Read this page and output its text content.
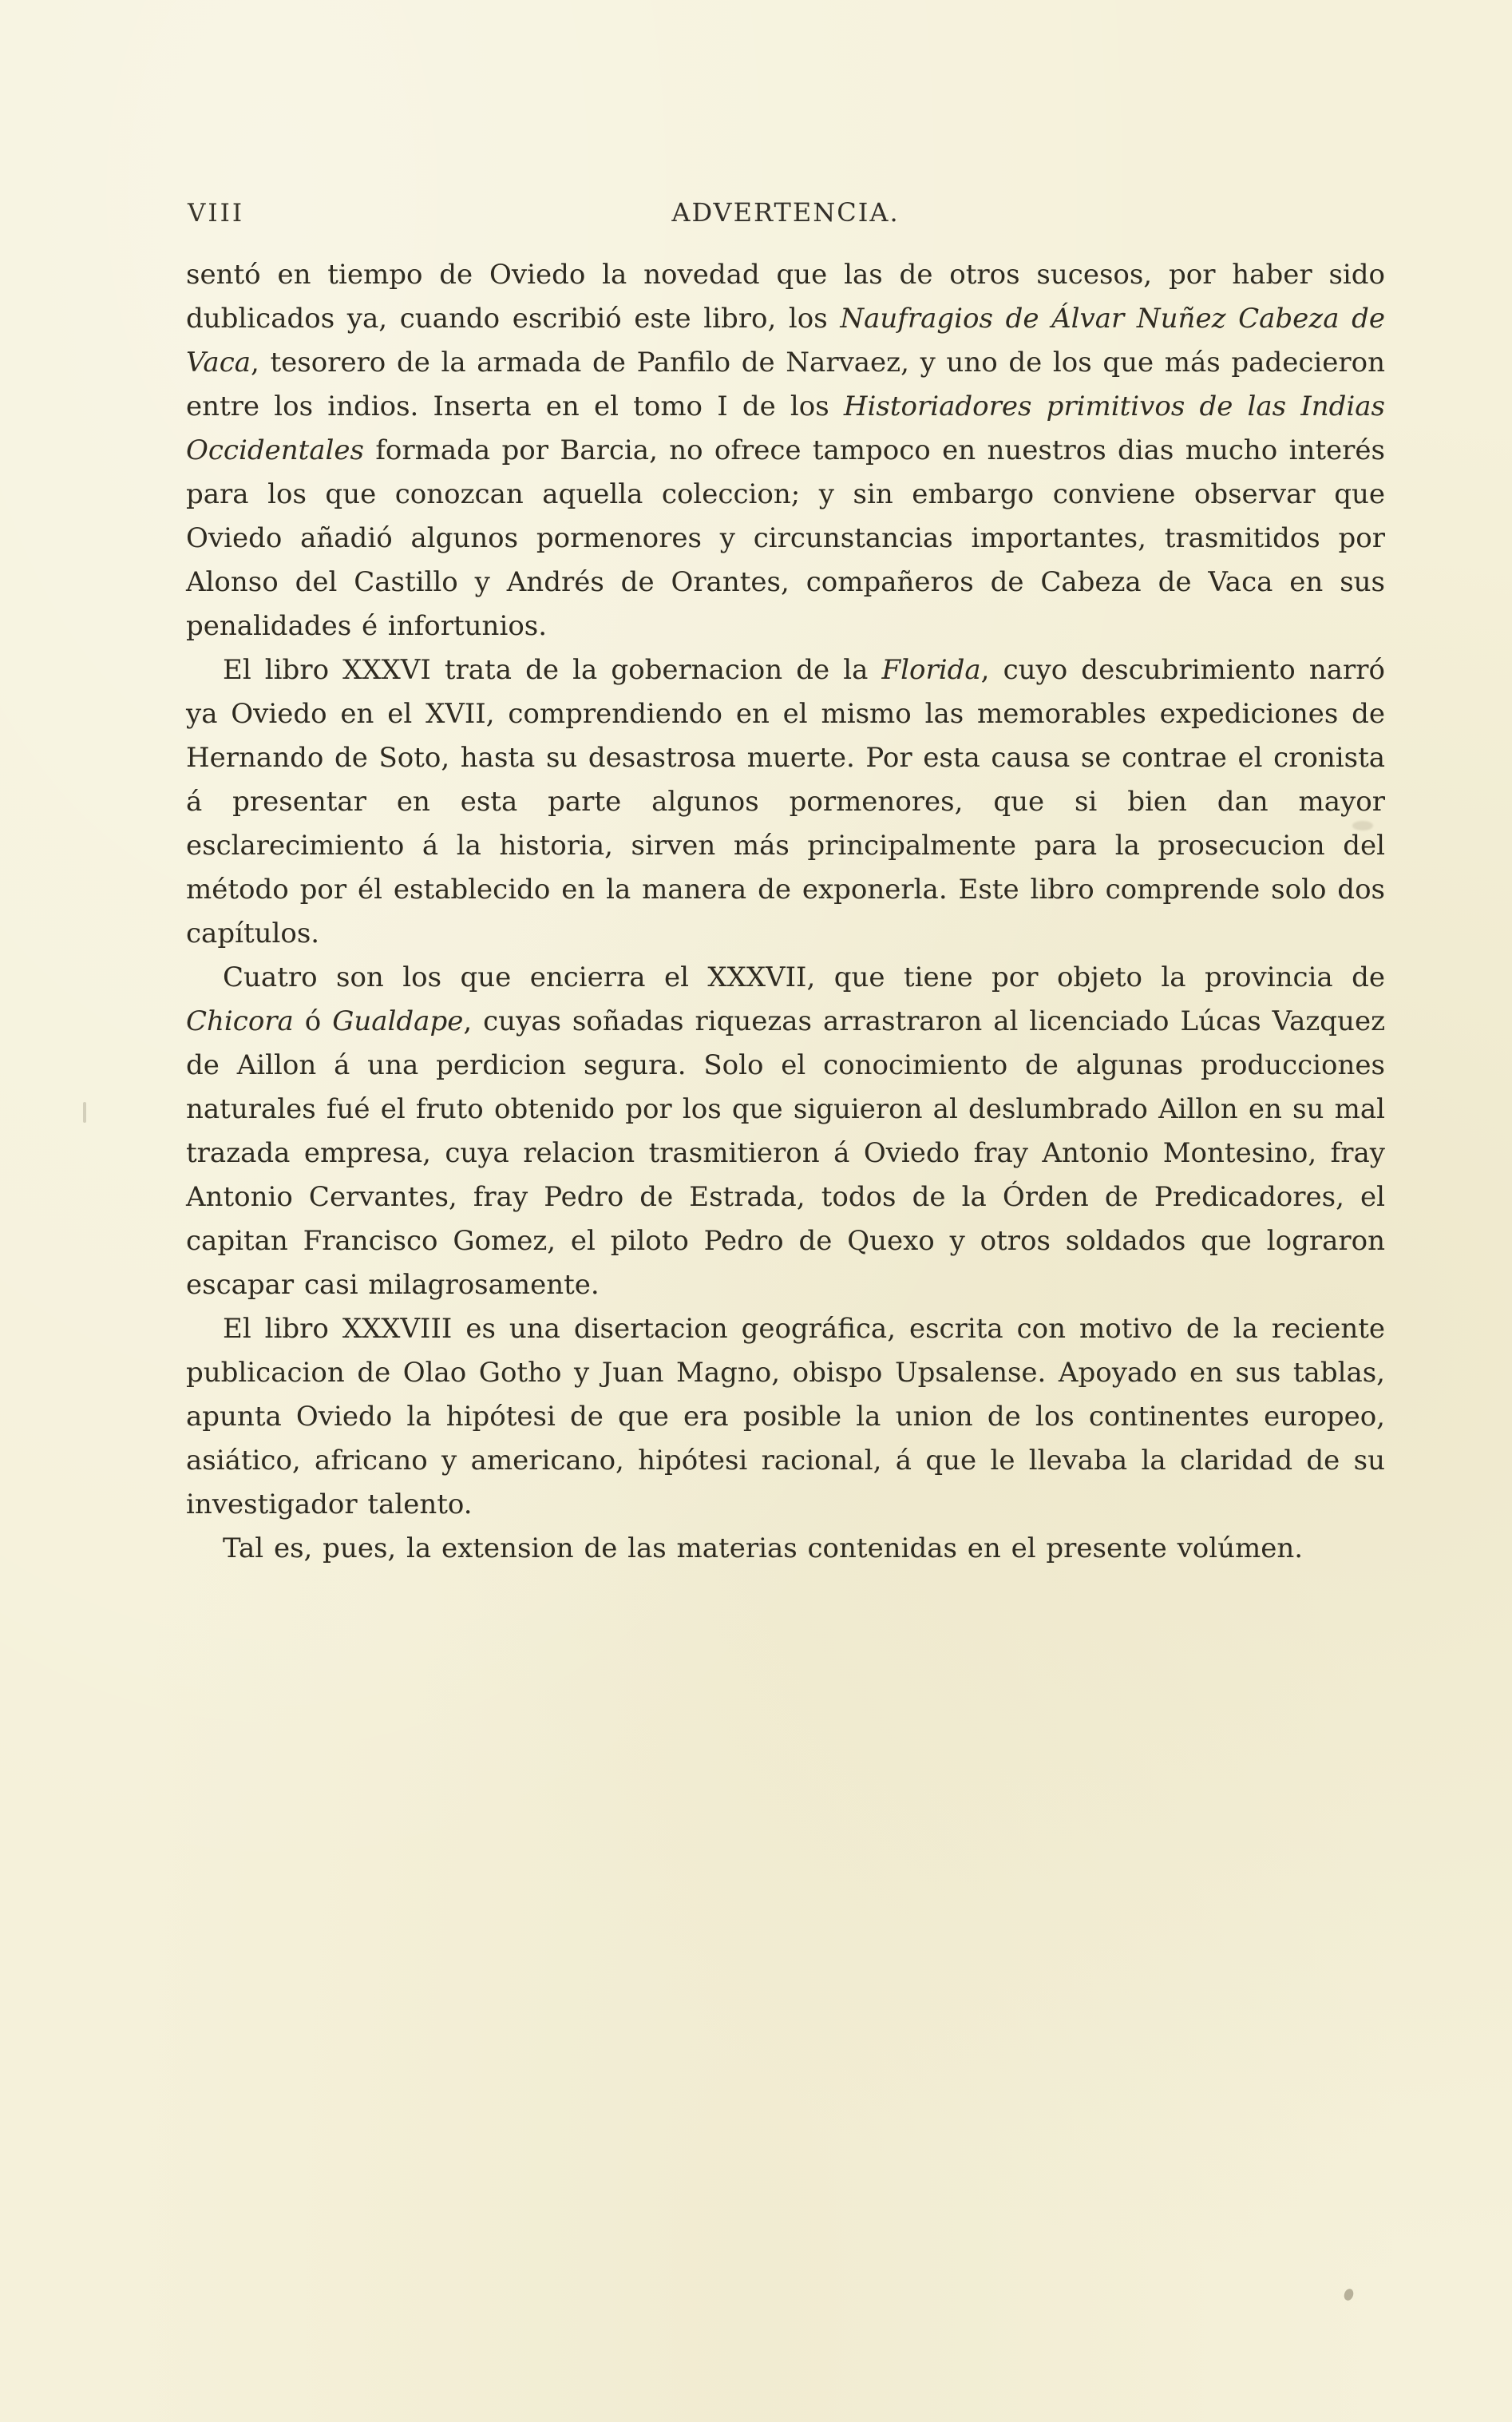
VIII	ADVERTENCIA.

sentó en tiempo de Oviedo la novedad que las de otros sucesos, por haber sido dublicados ya, cuando escribió este libro, los Naufragios de Álvar Nuñez Cabeza de Vaca, tesorero de la armada de Panfilo de Narvaez, y uno de los que más padecieron entre los indios. Inserta en el tomo I de los Historiadores primitivos de las Indias Occidentales formada por Barcia, no ofrece tampoco en nuestros dias mucho interés para los que conozcan aquella coleccion; y sin embargo conviene observar que Oviedo añadió algunos pormenores y circunstancias importantes, trasmitidos por Alonso del Castillo y Andrés de Orantes, compañeros de Cabeza de Vaca en sus penalidades é infortunios.

El libro XXXVI trata de la gobernacion de la Florida, cuyo descubrimiento narró ya Oviedo en el XVII, comprendiendo en el mismo las memorables expediciones de Hernando de Soto, hasta su desastrosa muerte. Por esta causa se contrae el cronista á presentar en esta parte algunos pormenores, que si bien dan mayor esclarecimiento á la historia, sirven más principalmente para la prosecucion del método por él establecido en la manera de exponerla. Este libro comprende solo dos capítulos.

Cuatro son los que encierra el XXXVII, que tiene por objeto la provincia de Chicora ó Gualdape, cuyas soñadas riquezas arrastraron al licenciado Lúcas Vazquez de Aillon á una perdicion segura. Solo el conocimiento de algunas producciones naturales fué el fruto obtenido por los que siguieron al deslumbrado Aillon en su mal trazada empresa, cuya relacion trasmitieron á Oviedo fray Antonio Montesino, fray Antonio Cervantes, fray Pedro de Estrada, todos de la Órden de Predicadores, el capitan Francisco Gomez, el piloto Pedro de Quexo y otros soldados que lograron escapar casi milagrosamente.

El libro XXXVIII es una disertacion geográfica, escrita con motivo de la reciente publicacion de Olao Gotho y Juan Magno, obispo Upsalense. Apoyado en sus tablas, apunta Oviedo la hipótesi de que era posible la union de los continentes europeo, asiático, africano y americano, hipótesi racional, á que le llevaba la claridad de su investigador talento.

Tal es, pues, la extension de las materias contenidas en el presente volúmen.
